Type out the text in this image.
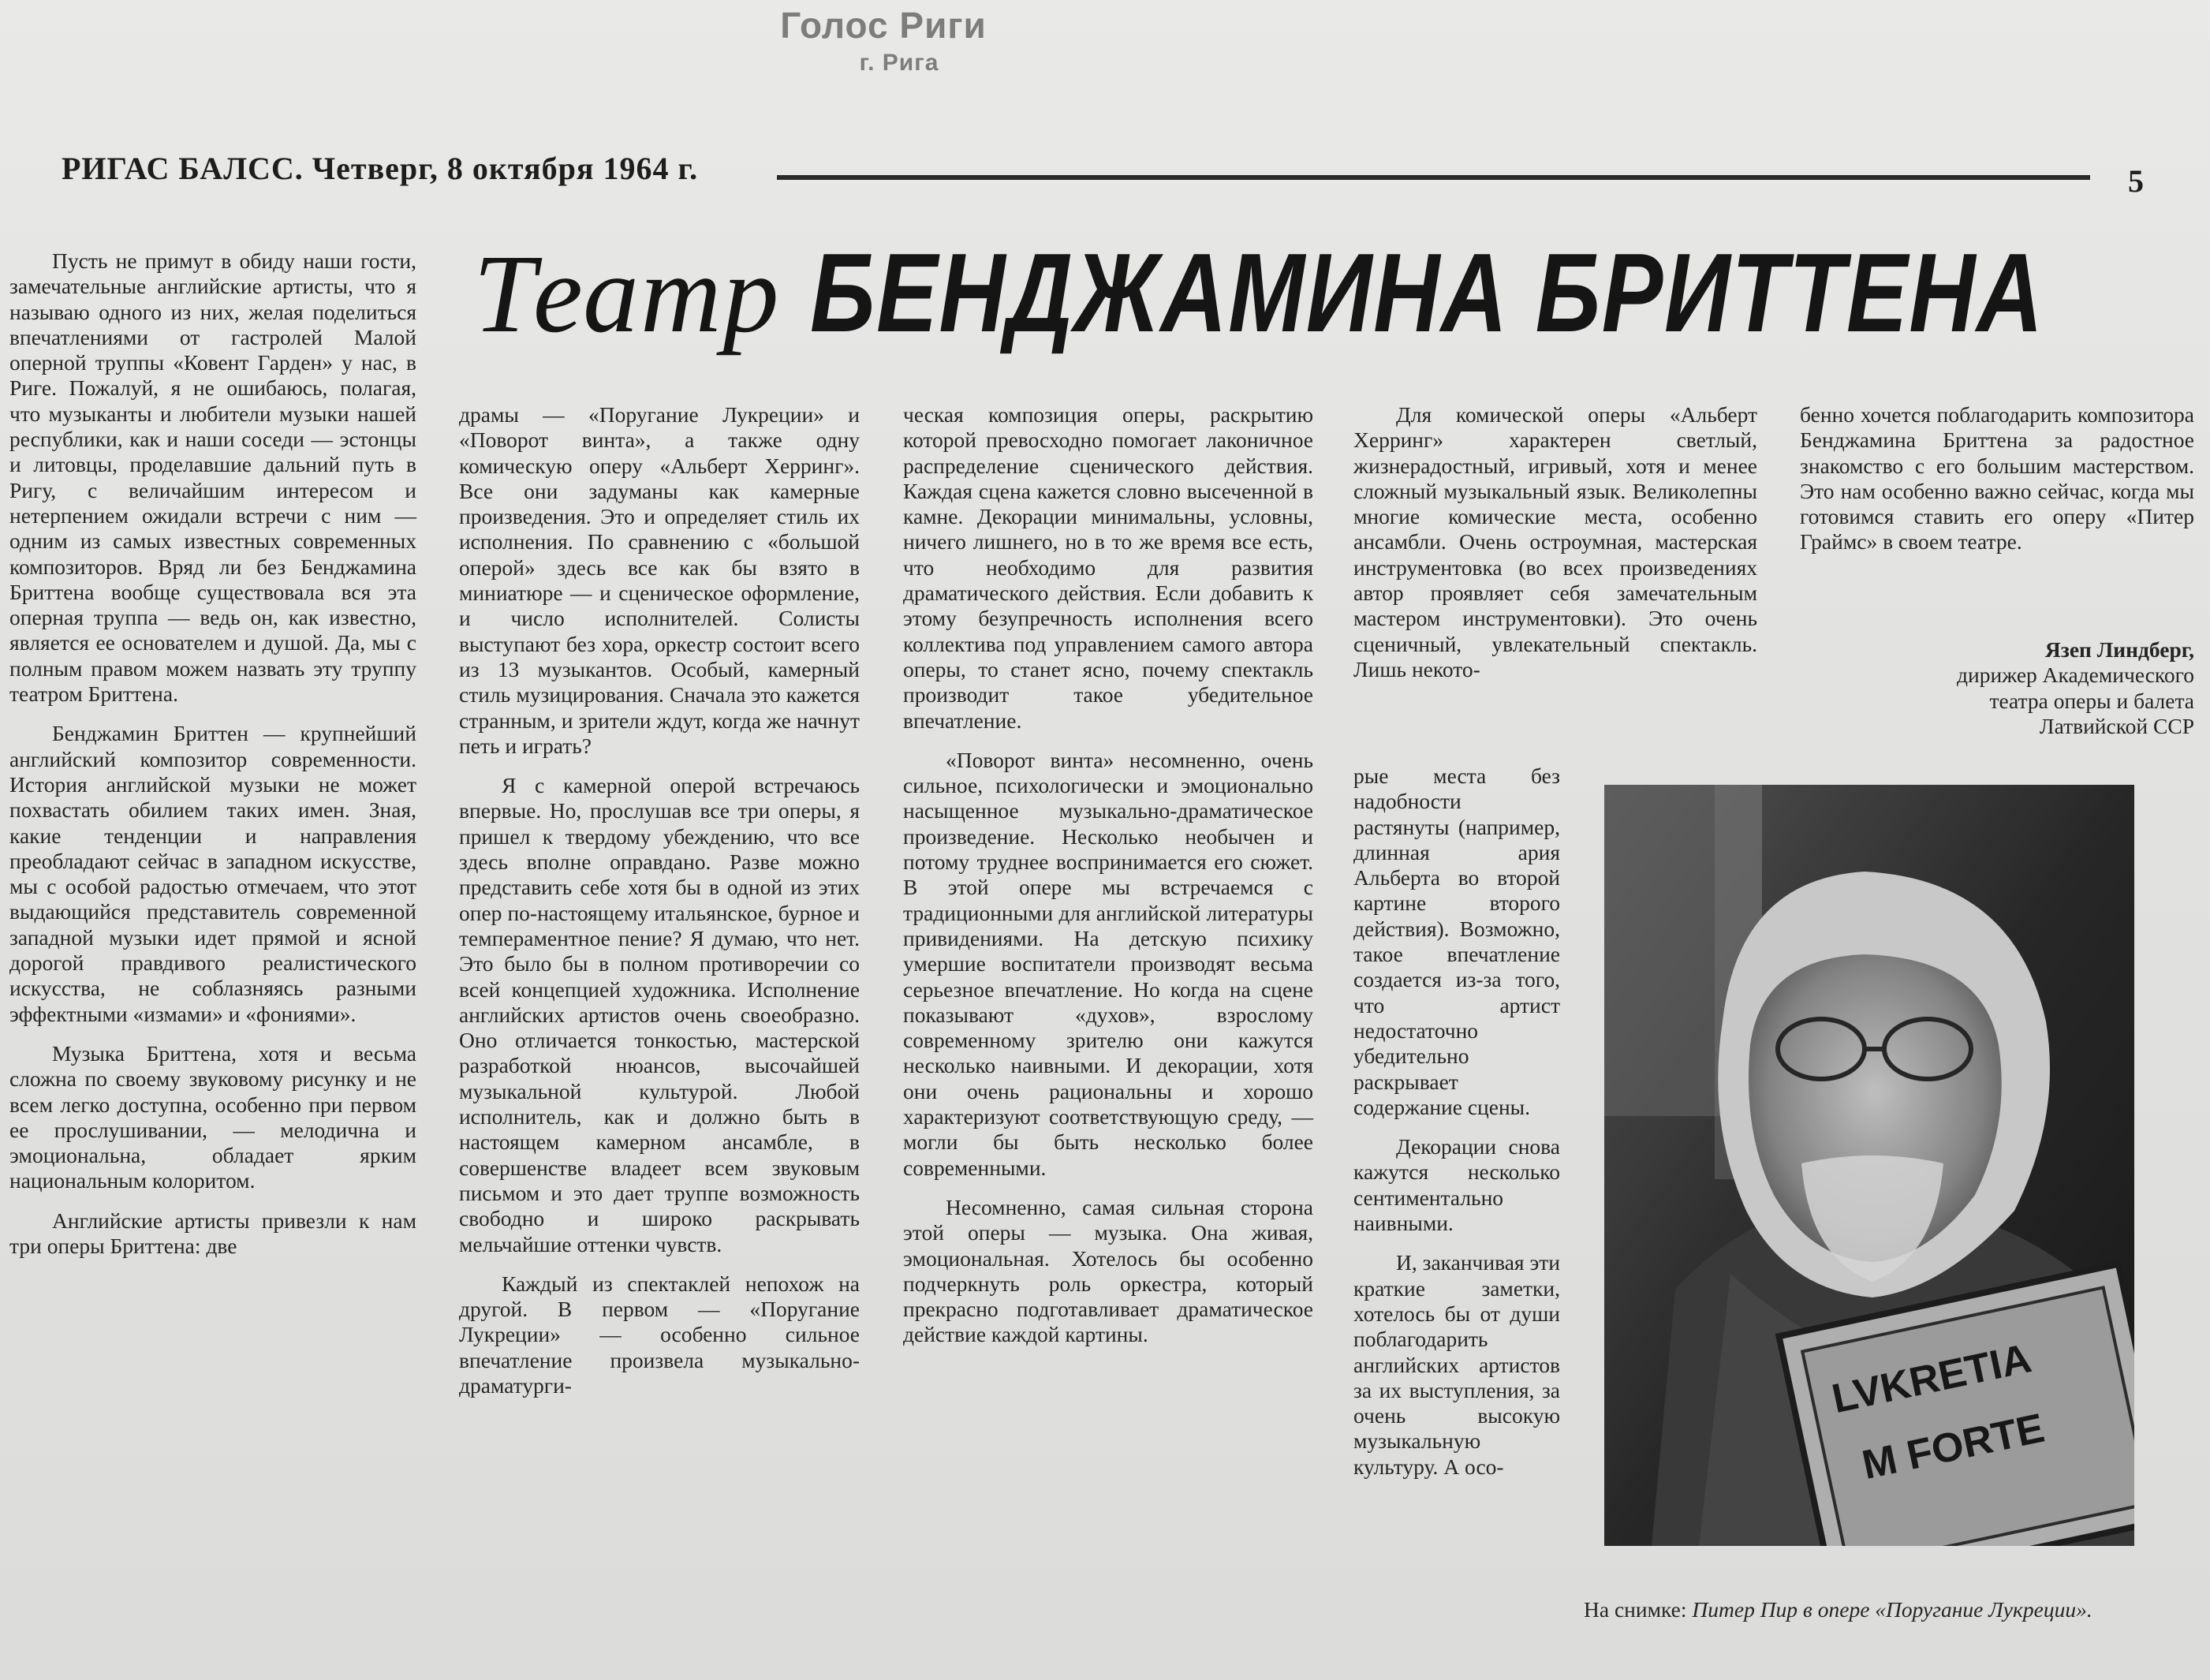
Голос Риги
г. Рига
РИГАС БАЛСС. Четверг, 8 октября 1964 г.	5
Театр БЕНДЖАМИНА БРИТТЕНА

Пусть не примут в обиду наши гости, замечательные английские артисты, что я называю одного из них, желая поделиться впечатлениями от гастролей Малой оперной труппы «Ковент Гарден» у нас, в Риге. Пожалуй, я не ошибаюсь, полагая, что музыканты и любители музыки нашей республики, как и наши соседи — эстонцы и литовцы, проделавшие дальний путь в Ригу, с величайшим интересом и нетерпением ожидали встречи с ним — одним из самых известных современных композиторов. Вряд ли без Бенджамина Бриттена вообще существовала вся эта оперная труппа — ведь он, как известно, является ее основателем и душой. Да, мы с полным правом можем назвать эту труппу театром Бриттена.

Бенджамин Бриттен — крупнейший английский композитор современности. История английской музыки не может похвастать обилием таких имен. Зная, какие тенденции и направления преобладают сейчас в западном искусстве, мы с особой радостью отмечаем, что этот выдающийся представитель современной западной музыки идет прямой и ясной дорогой правдивого реалистического искусства, не соблазняясь разными эффектными «измами» и «фониями».

Музыка Бриттена, хотя и весьма сложна по своему звуковому рисунку и не всем легко доступна, особенно при первом ее прослушивании, — мелодична и эмоциональна, обладает ярким национальным колоритом.

Английские артисты привезли к нам три оперы Бриттена: две

драмы — «Поругание Лукреции» и «Поворот винта», а также одну комическую оперу «Альберт Херринг». Все они задуманы как камерные произведения. Это и определяет стиль их исполнения. По сравнению с «большой оперой» здесь все как бы взято в миниатюре — и сценическое оформление, и число исполнителей. Солисты выступают без хора, оркестр состоит всего из 13 музыкантов. Особый, камерный стиль музицирования. Сначала это кажется странным, и зрители ждут, когда же начнут петь и играть?

Я с камерной оперой встречаюсь впервые. Но, прослушав все три оперы, я пришел к твердому убеждению, что все здесь вполне оправдано. Разве можно представить себе хотя бы в одной из этих опер по-настоящему итальянское, бурное и темпераментное пение? Я думаю, что нет. Это было бы в полном противоречии со всей концепцией художника. Исполнение английских артистов очень своеобразно. Оно отличается тонкостью, мастерской разработкой нюансов, высочайшей музыкальной культурой. Любой исполнитель, как и должно быть в настоящем камерном ансамбле, в совершенстве владеет всем звуковым письмом и это дает труппе возможность свободно и широко раскрывать мельчайшие оттенки чувств.

Каждый из спектаклей непохож на другой. В первом — «Поругание Лукреции» — особенно сильное впечатление произвела музыкально-драматурги-

ческая композиция оперы, раскрытию которой превосходно помогает лаконичное распределение сценического действия. Каждая сцена кажется словно высеченной в камне. Декорации минимальны, условны, ничего лишнего, но в то же время все есть, что необходимо для развития драматического действия. Если добавить к этому безупречность исполнения всего коллектива под управлением самого автора оперы, то станет ясно, почему спектакль производит такое убедительное впечатление.

«Поворот винта» несомненно, очень сильное, психологически и эмоционально насыщенное музыкально-драматическое произведение. Несколько необычен и потому труднее воспринимается его сюжет. В этой опере мы встречаемся с традиционными для английской литературы привидениями. На детскую психику умершие воспитатели производят весьма серьезное впечатление. Но когда на сцене показывают «духов», взрослому современному зрителю они кажутся несколько наивными. И декорации, хотя они очень рациональны и хорошо характеризуют соответствующую среду, — могли бы быть несколько более современными.

Несомненно, самая сильная сторона этой оперы — музыка. Она живая, эмоциональная. Хотелось бы особенно подчеркнуть роль оркестра, который прекрасно подготавливает драматическое действие каждой картины.

Для комической оперы «Альберт Херринг» характерен светлый, жизнерадостный, игривый, хотя и менее сложный музыкальный язык. Великолепны многие комические места, особенно ансамбли. Очень остроумная, мастерская инструментовка (во всех произведениях автор проявляет себя замечательным мастером инструментовки). Это очень сценичный, увлекательный спектакль. Лишь некото-

рые места без надобности растянуты (например, длинная ария Альберта во второй картине второго действия). Возможно, такое впечатление создается из-за того, что артист недостаточно убедительно раскрывает содержание сцены.

Декорации снова кажутся несколько сентиментально наивными.

И, заканчивая эти краткие заметки, хотелось бы от души поблагодарить английских артистов за их выступления, за очень высокую музыкальную культуру. А осо-

бенно хочется поблагодарить композитора Бенджамина Бриттена за радостное знакомство с его большим мастерством. Это нам особенно важно сейчас, когда мы готовимся ставить его оперу «Питер Граймс» в своем театре.

Язеп Линдберг,
дирижер Академического
театра оперы и балета
Латвийской ССР
LVKRETIA
M FORTE
На снимке: Питер Пир в опере «Поругание Лукреции».
